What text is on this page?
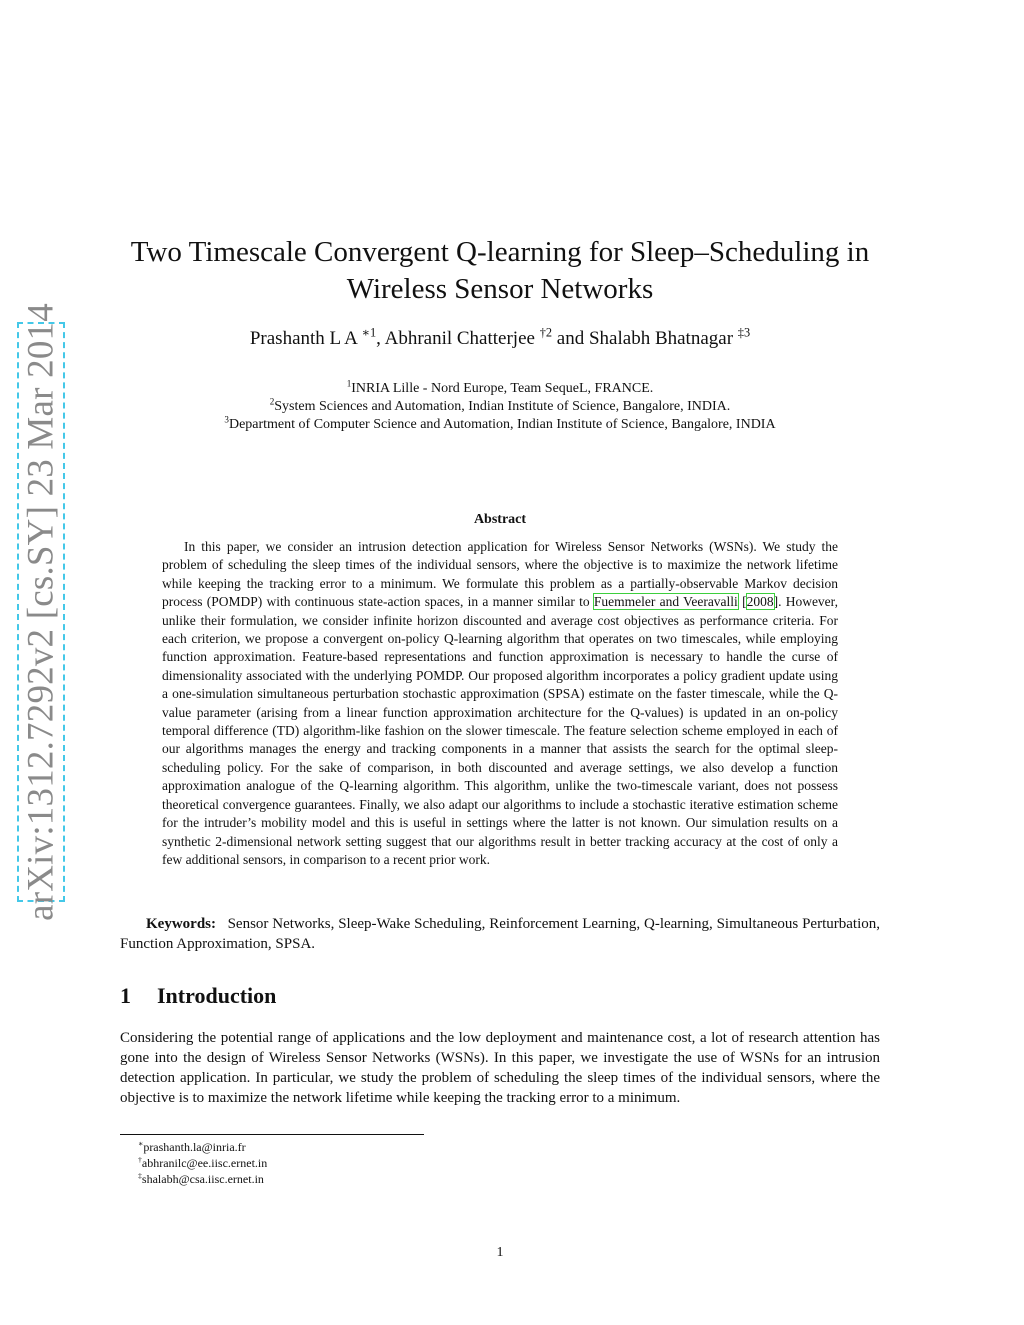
arXiv:1312.7292v2 [cs.SY] 23 Mar 2014
Two Timescale Convergent Q-learning for Sleep–Scheduling in
Wireless Sensor Networks
Prashanth L A $^{∗1}$, Abhranil Chatterjee $^{\dagger 2}$ and Shalabh Bhatnagar $^{\ddagger 3}$
$^1$INRIA Lille - Nord Europe, Team SequeL, FRANCE.
$^2$System Sciences and Automation, Indian Institute of Science, Bangalore, INDIA.
$^3$Department of Computer Science and Automation, Indian Institute of Science, Bangalore, INDIA
Abstract

In this paper, we consider an intrusion detection application for Wireless Sensor Networks (WSNs). We study the problem of scheduling the sleep times of the individual sensors, where the objective is to maximize the network lifetime while keeping the tracking error to a minimum. We formulate this problem as a partially-observable Markov decision process (POMDP) with continuous state-action spaces, in a manner similar to Fuemmeler and Veeravalli [2008]. However, unlike their formulation, we consider infinite horizon discounted and average cost objectives as performance criteria. For each criterion, we propose a convergent on-policy Q-learning algorithm that operates on two timescales, while employing function approximation. Feature-based representations and function approximation is necessary to handle the curse of dimensionality associated with the underlying POMDP. Our proposed algorithm incorporates a policy gradient update using a one-simulation simultaneous perturbation stochastic approximation (SPSA) estimate on the faster timescale, while the Q-value parameter (arising from a linear function approximation architecture for the Q-values) is updated in an on-policy temporal difference (TD) algorithm-like fashion on the slower timescale. The feature selection scheme employed in each of our algorithms manages the energy and tracking components in a manner that assists the search for the optimal sleep-scheduling policy. For the sake of comparison, in both discounted and average settings, we also develop a function approximation analogue of the Q-learning algorithm. This algorithm, unlike the two-timescale variant, does not possess theoretical convergence guarantees. Finally, we also adapt our algorithms to include a stochastic iterative estimation scheme for the intruder’s mobility model and this is useful in settings where the latter is not known. Our simulation results on a synthetic 2-dimensional network setting suggest that our algorithms result in better tracking accuracy at the cost of only a few additional sensors, in comparison to a recent prior work.

Keywords: Sensor Networks, Sleep-Wake Scheduling, Reinforcement Learning, Q-learning, Simultaneous Perturbation, Function Approximation, SPSA.

1 Introduction

Considering the potential range of applications and the low deployment and maintenance cost, a lot of research attention has gone into the design of Wireless Sensor Networks (WSNs). In this paper, we investigate the use of WSNs for an intrusion detection application. In particular, we study the problem of scheduling the sleep times of the individual sensors, where the objective is to maximize the network lifetime while keeping the tracking error to a minimum.

∗prashanth.la@inria.fr
†abhranilc@ee.iisc.ernet.in
‡shalabh@csa.iisc.ernet.in
1
